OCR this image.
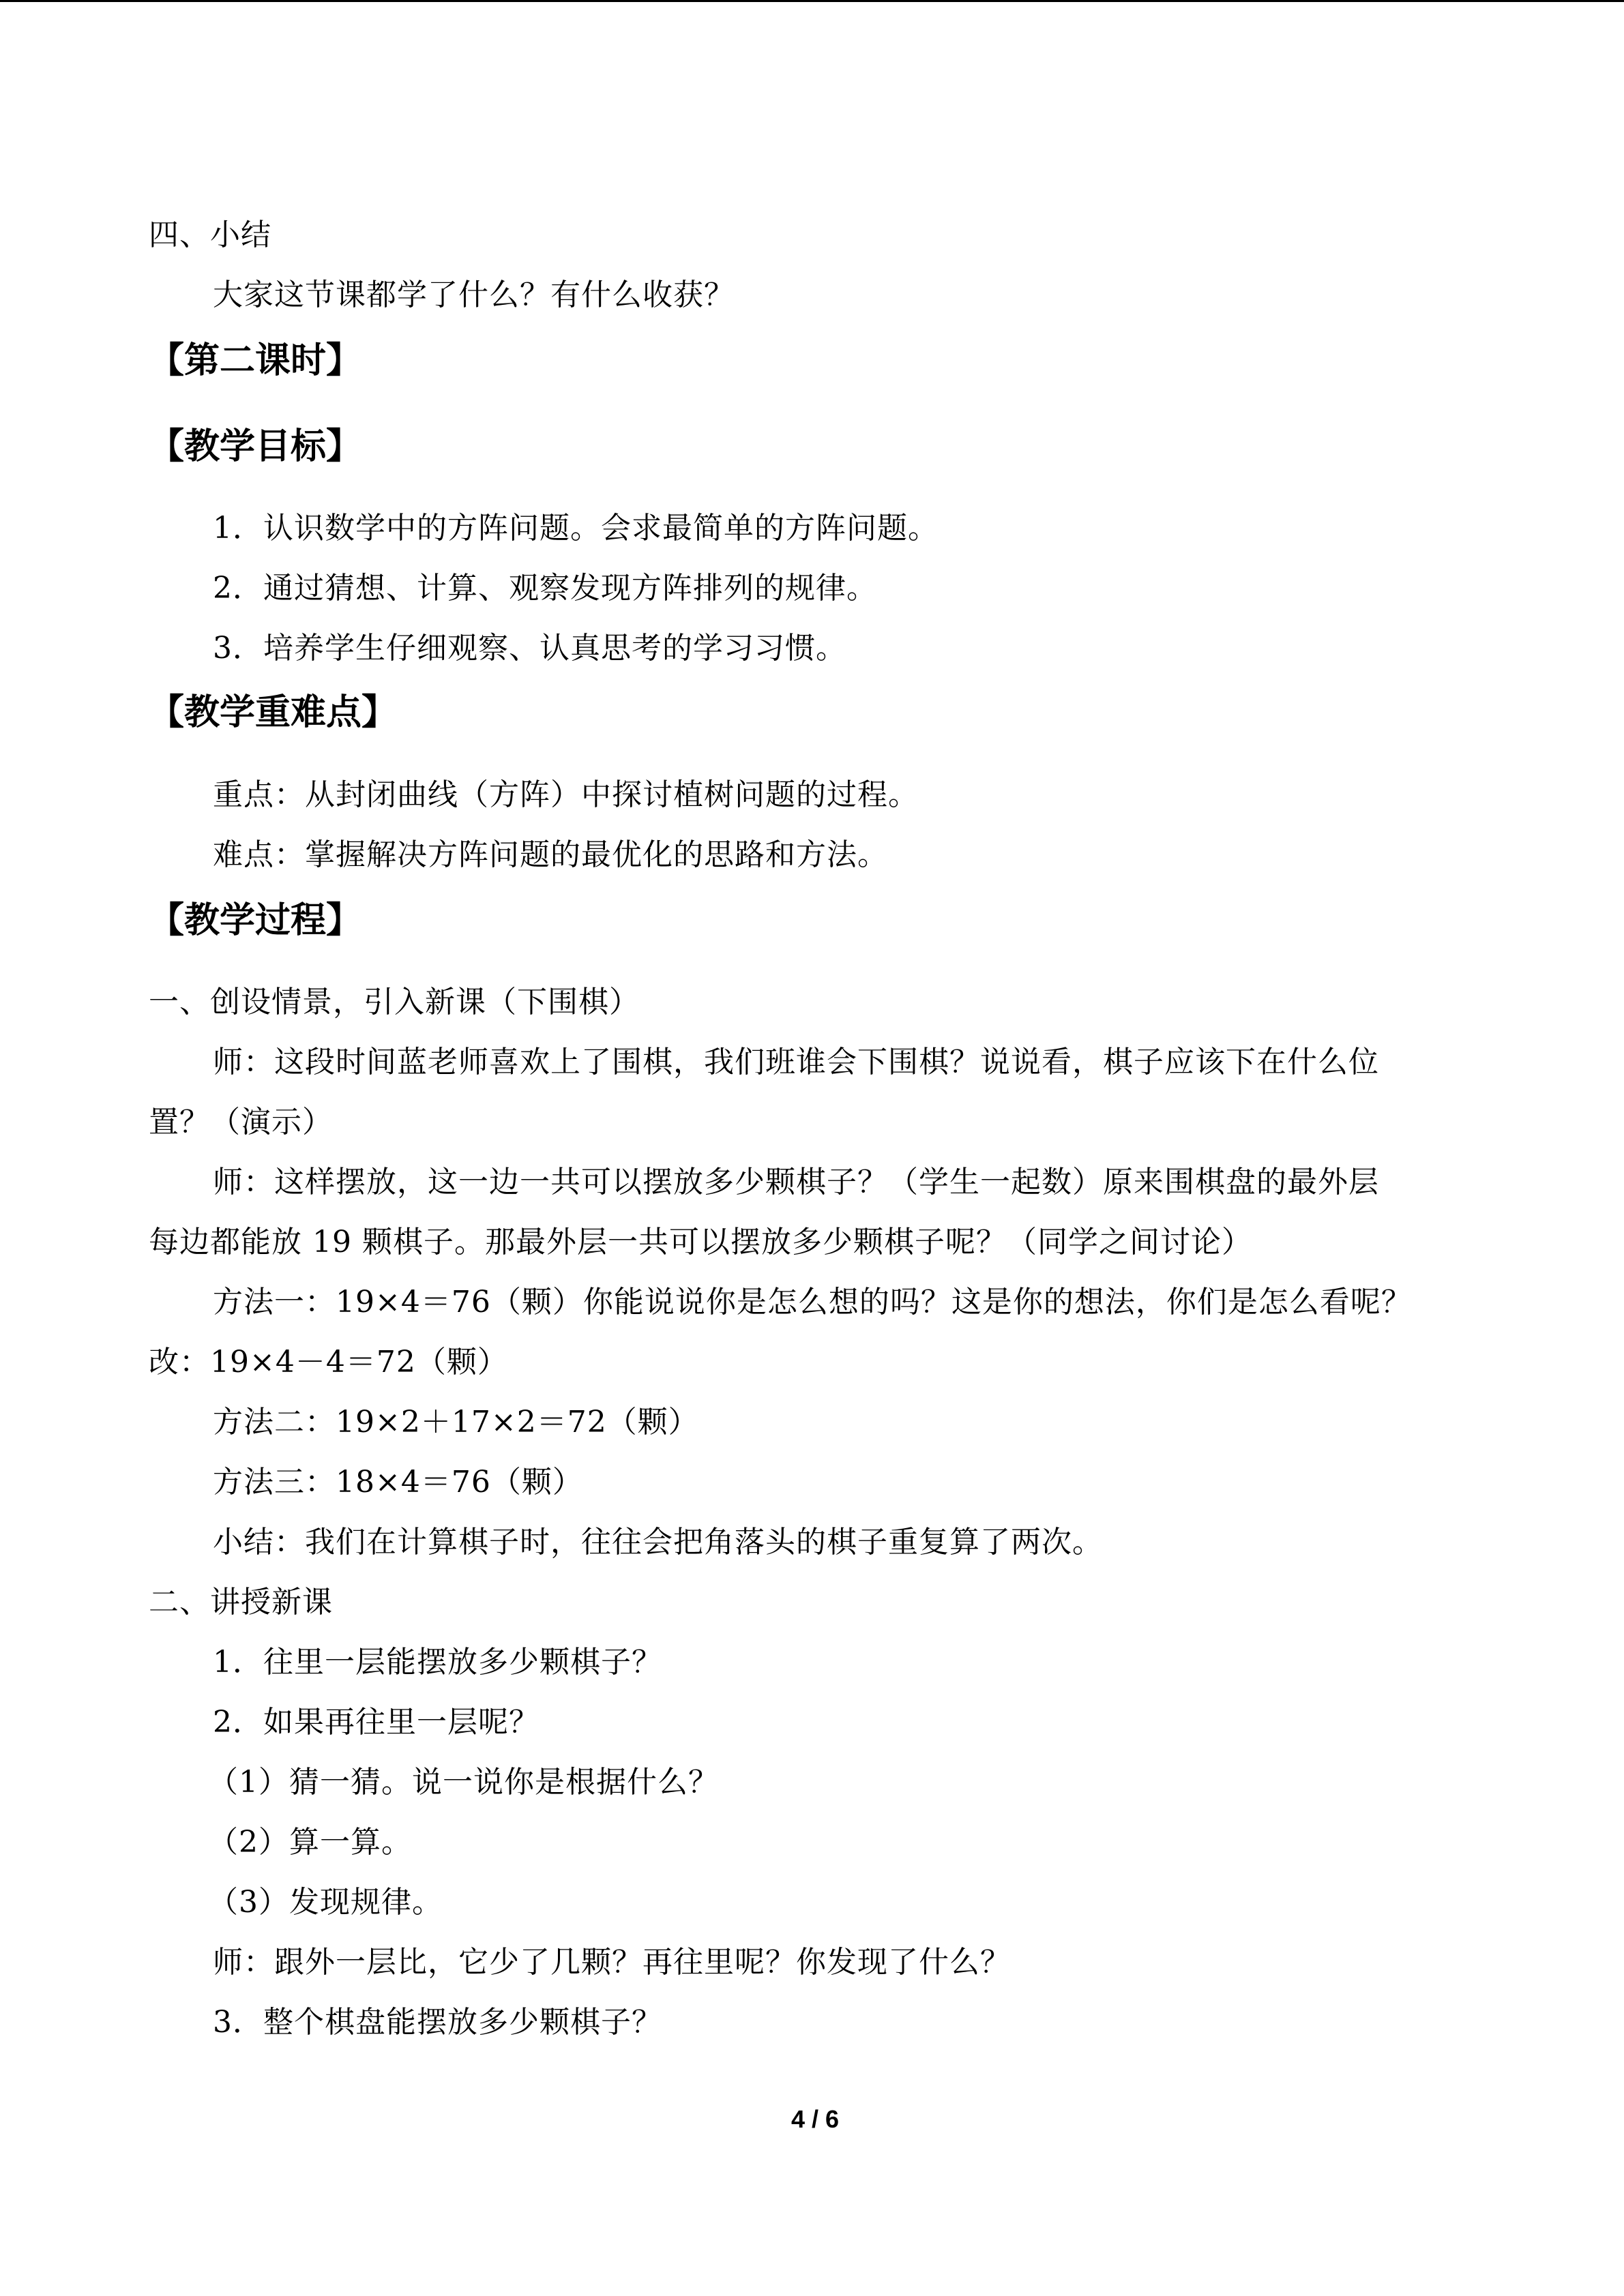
四、小结
大家这节课都学了什么？有什么收获？
【第二课时】
【教学目标】
1．认识数学中的方阵问题。会求最简单的方阵问题。
2．通过猜想、计算、观察发现方阵排列的规律。
3．培养学生仔细观察、认真思考的学习习惯。
【教学重难点】
重点：从封闭曲线（方阵）中探讨植树问题的过程。
难点：掌握解决方阵问题的最优化的思路和方法。
【教学过程】
一、创设情景，引入新课（下围棋）
师：这段时间蓝老师喜欢上了围棋，我们班谁会下围棋？说说看，棋子应该下在什么位
置？（演示）
师：这样摆放，这一边一共可以摆放多少颗棋子？（学生一起数）原来围棋盘的最外层
每边都能放 19 颗棋子。那最外层一共可以摆放多少颗棋子呢？（同学之间讨论）
方法一：19×4＝76（颗）你能说说你是怎么想的吗？这是你的想法，你们是怎么看呢？
改：19×4－4＝72（颗）
方法二：19×2＋17×2＝72（颗）
方法三：18×4＝76（颗）
小结：我们在计算棋子时，往往会把角落头的棋子重复算了两次。
二、讲授新课
1．往里一层能摆放多少颗棋子？
2．如果再往里一层呢？
（1）猜一猜。说一说你是根据什么？
（2）算一算。
（3）发现规律。
师：跟外一层比，它少了几颗？再往里呢？你发现了什么？
3．整个棋盘能摆放多少颗棋子？
4 / 6
